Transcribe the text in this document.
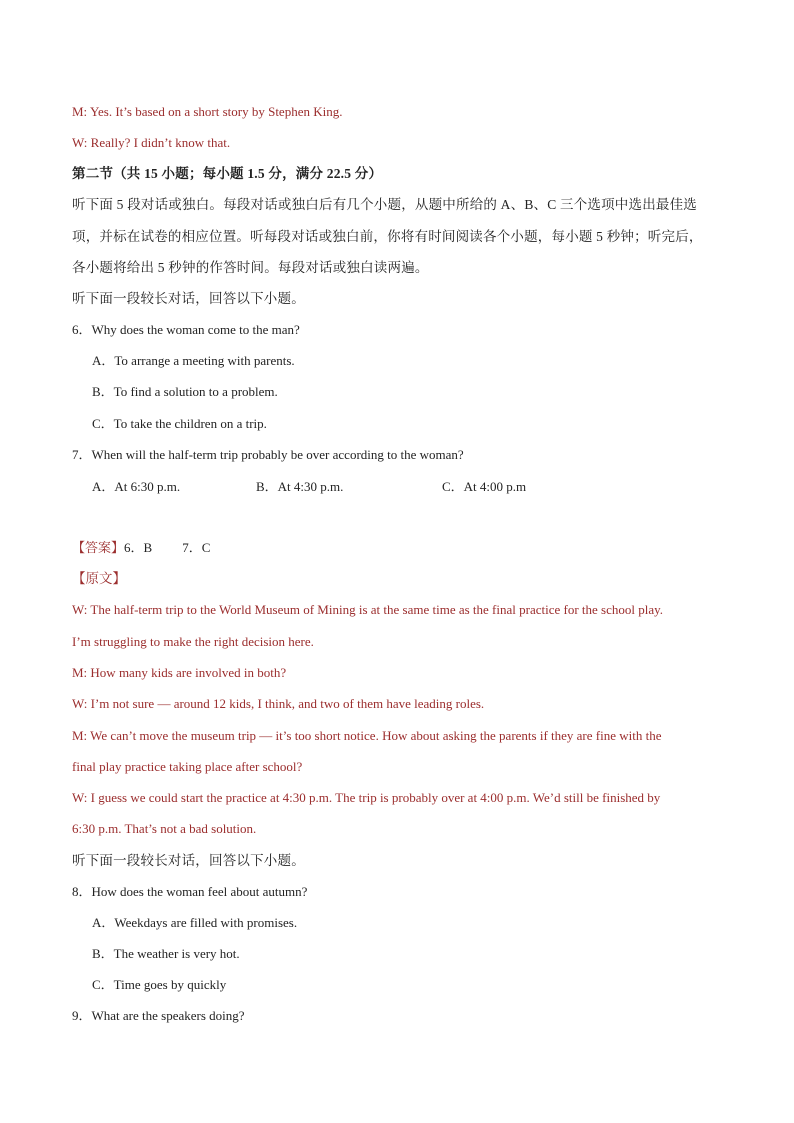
M: Yes. It’s based on a short story by Stephen King.
W: Really? I didn’t know that.
第二节（共 15 小题；每小题 1.5 分，满分 22.5 分）
听下面 5 段对话或独白。每段对话或独白后有几个小题，从题中所给的 A、B、C 三个选项中选出最佳选
项，并标在试卷的相应位置。听每段对话或独白前，你将有时间阅读各个小题，每小题 5 秒钟；听完后，
各小题将给出 5 秒钟的作答时间。每段对话或独白读两遍。
听下面一段较长对话，回答以下小题。
6．Why does the woman come to the man?
A．To arrange a meeting with parents.
B．To find a solution to a problem.
C．To take the children on a trip.
7．When will the half-term trip probably be over according to the woman?
A．At 6:30 p.m.	B．At 4:30 p.m.	C．At 4:00 p.m
【答案】6．B 7．C
【原文】
W: The half-term trip to the World Museum of Mining is at the same time as the final practice for the school play.
I’m struggling to make the right decision here.
M: How many kids are involved in both?
W: I’m not sure — around 12 kids, I think, and two of them have leading roles.
M: We can’t move the museum trip — it’s too short notice. How about asking the parents if they are fine with the
final play practice taking place after school?
W: I guess we could start the practice at 4:30 p.m. The trip is probably over at 4:00 p.m. We’d still be finished by
6:30 p.m. That’s not a bad solution.
听下面一段较长对话，回答以下小题。
8．How does the woman feel about autumn?
A．Weekdays are filled with promises.
B．The weather is very hot.
C．Time goes by quickly
9．What are the speakers doing?
